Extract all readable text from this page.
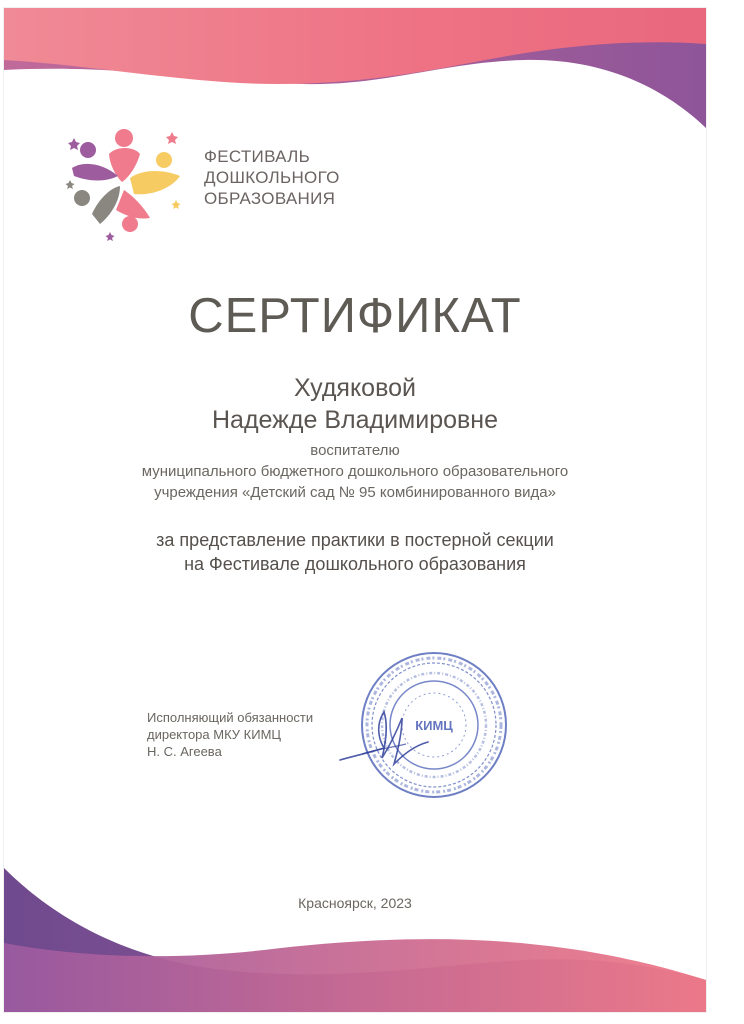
ФЕСТИВАЛЬ
ДОШКОЛЬНОГО
ОБРАЗОВАНИЯ
СЕРТИФИКАТ
Худяковой
Надежде Владимировне
воспитателю
муниципального бюджетного дошкольного образовательного
учреждения «Детский сад № 95 комбинированного вида»
за представление практики в постерной секции
на Фестивале дошкольного образования
Исполняющий обязанности
директора МКУ КИМЦ
Н. С. Агеева
КИМЦ
Красноярск, 2023
